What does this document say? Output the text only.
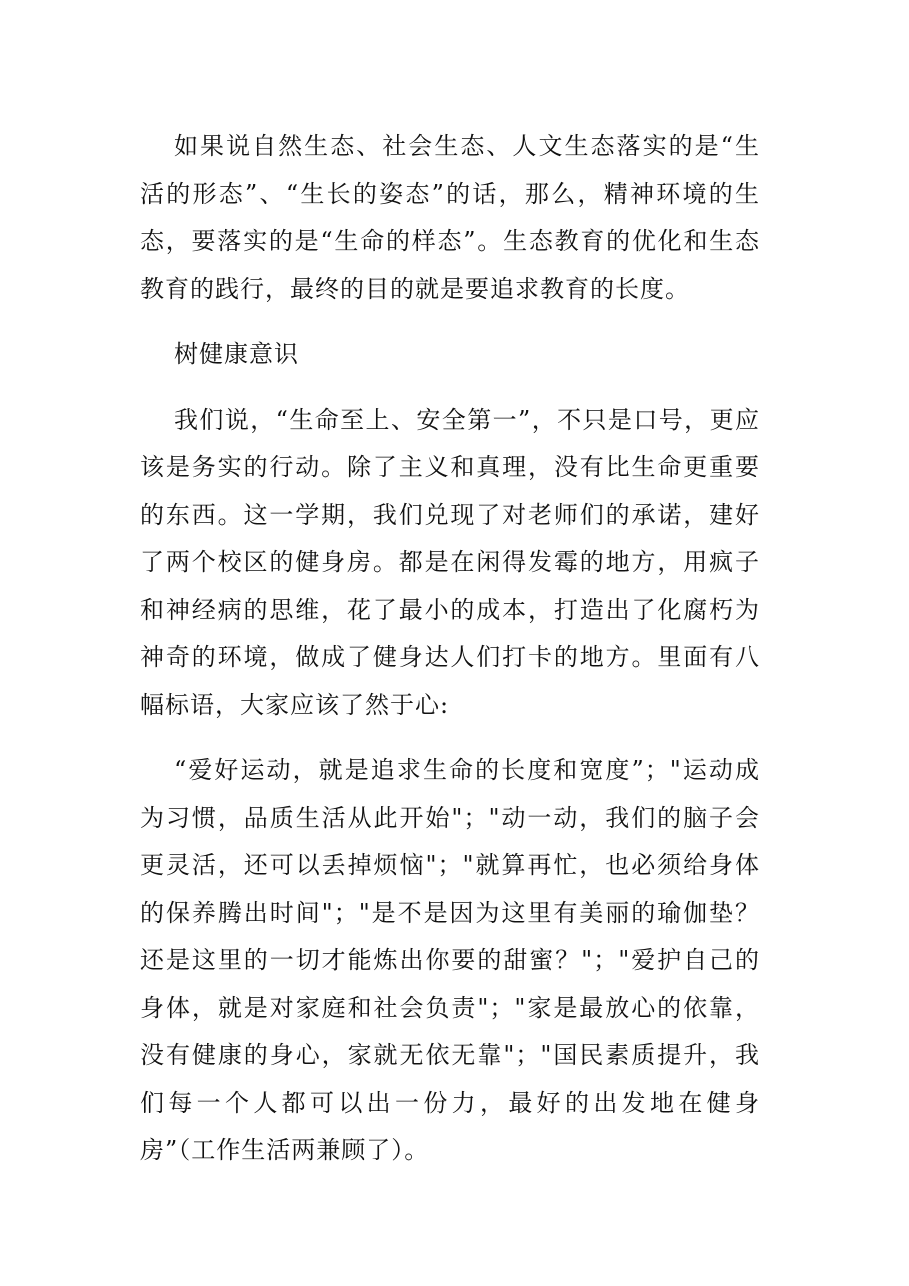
如果说自然生态、社会生态、人文生态落实的是“生活的形态”、“生长的姿态”的话，那么，精神环境的生态，要落实的是“生命的样态”。生态教育的优化和生态教育的践行，最终的目的就是要追求教育的长度。

树健康意识

我们说，“生命至上、安全第一”，不只是口号，更应该是务实的行动。除了主义和真理，没有比生命更重要的东西。这一学期，我们兑现了对老师们的承诺，建好了两个校区的健身房。都是在闲得发霉的地方，用疯子和神经病的思维，花了最小的成本，打造出了化腐朽为神奇的环境，做成了健身达人们打卡的地方。里面有八幅标语，大家应该了然于心:

“爱好运动，就是追求生命的长度和宽度”；"运动成为习惯，品质生活从此开始"；"动一动，我们的脑子会更灵活，还可以丢掉烦恼"；"就算再忙，也必须给身体的保养腾出时间"；"是不是因为这里有美丽的瑜伽垫？还是这里的一切才能炼出你要的甜蜜？"；"爱护自己的身体，就是对家庭和社会负责"；"家是最放心的依靠，没有健康的身心，家就无依无靠"；"国民素质提升，我们每一个人都可以出一份力，最好的出发地在健身房”（工作生活两兼顾了）。
